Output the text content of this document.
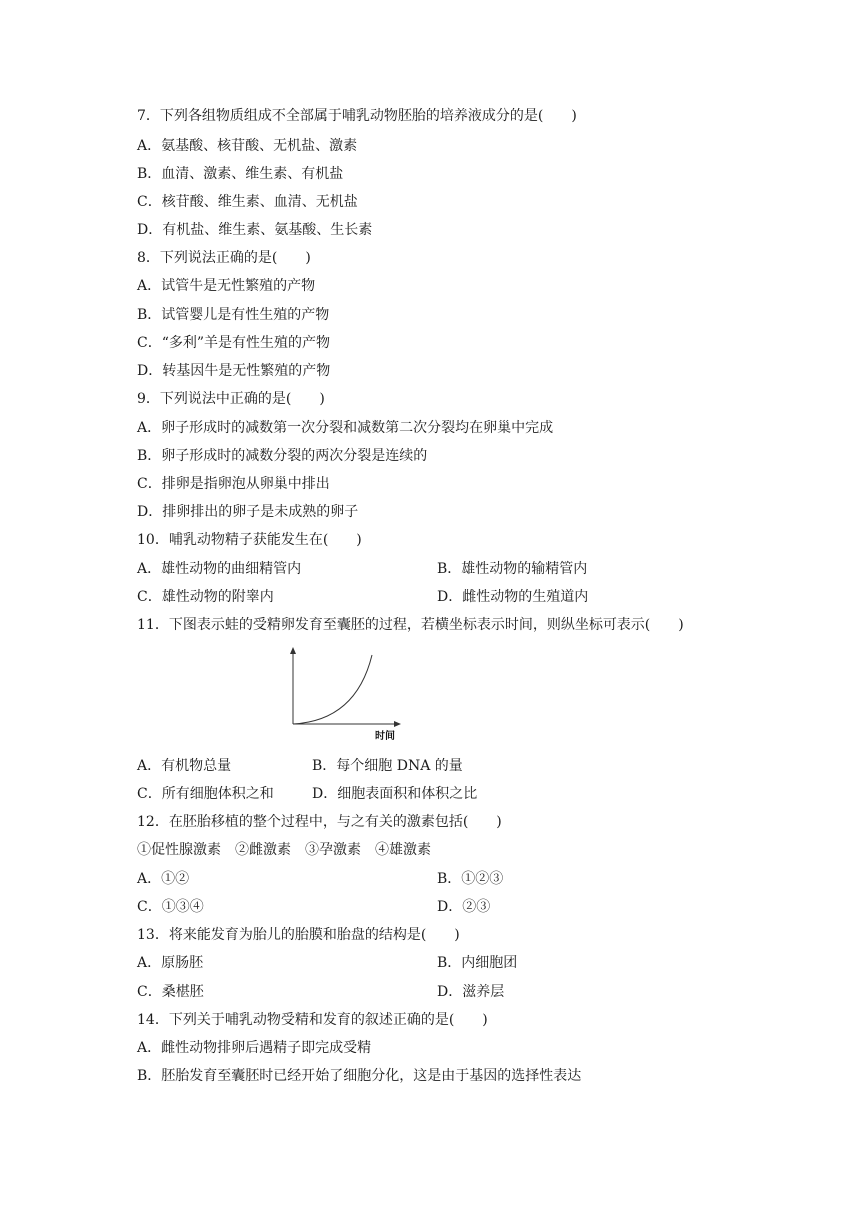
7．下列各组物质组成不全部属于哺乳动物胚胎的培养液成分的是(　　)
A．氨基酸、核苷酸、无机盐、激素
B．血清、激素、维生素、有机盐
C．核苷酸、维生素、血清、无机盐
D．有机盐、维生素、氨基酸、生长素
8．下列说法正确的是(　　)
A．试管牛是无性繁殖的产物
B．试管婴儿是有性生殖的产物
C．“多利”羊是有性生殖的产物
D．转基因牛是无性繁殖的产物
9．下列说法中正确的是(　　)
A．卵子形成时的减数第一次分裂和减数第二次分裂均在卵巢中完成
B．卵子形成时的减数分裂的两次分裂是连续的
C．排卵是指卵泡从卵巢中排出
D．排卵排出的卵子是未成熟的卵子
10．哺乳动物精子获能发生在(　　)
A．雄性动物的曲细精管内	B．雄性动物的输精管内
C．雄性动物的附睾内	D．雌性动物的生殖道内
11．下图表示蛙的受精卵发育至囊胚的过程，若横坐标表示时间，则纵坐标可表示(　　)
时间
A．有机物总量	B．每个细胞 DNA 的量
C．所有细胞体积之和	D．细胞表面积和体积之比
12．在胚胎移植的整个过程中，与之有关的激素包括(　　)
①促性腺激素　②雌激素　③孕激素　④雄激素
A．①②	B．①②③
C．①③④	D．②③
13．将来能发育为胎儿的胎膜和胎盘的结构是(　　)
A．原肠胚	B．内细胞团
C．桑椹胚	D．滋养层
14．下列关于哺乳动物受精和发育的叙述正确的是(　　)
A．雌性动物排卵后遇精子即完成受精
B．胚胎发育至囊胚时已经开始了细胞分化，这是由于基因的选择性表达
